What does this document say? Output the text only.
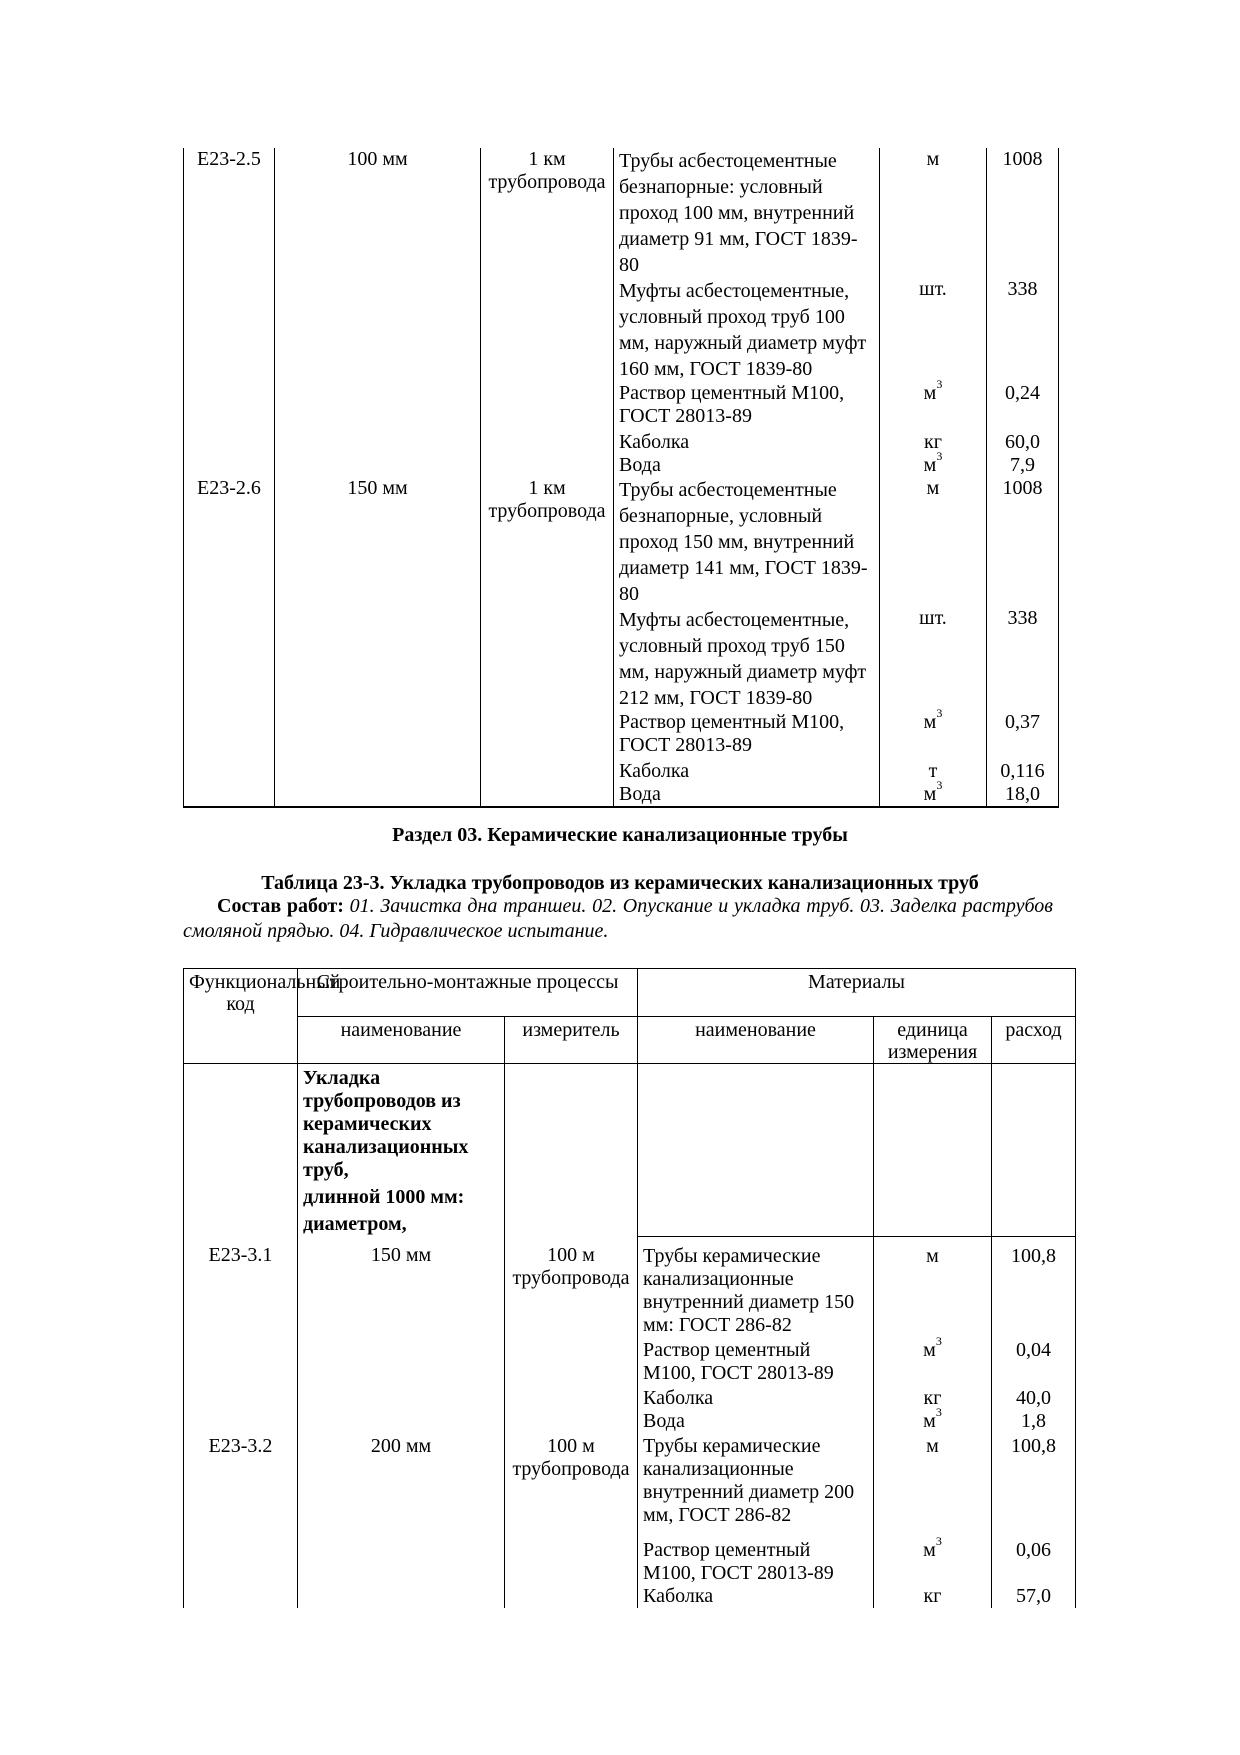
Е23-2.5	100 мм	1 км трубопровода	Трубы асбестоцементные безнапорные: условный проход 100 мм, внутренний диаметр 91 мм, ГОСТ 1839-80	м	1008
			Муфты асбестоцементные, условный проход труб 100 мм, наружный диаметр муфт 160 мм, ГОСТ 1839-80	шт.	338
			Раствор цементный М100, ГОСТ 28013-89	$м^3$	0,24
			Каболка	кг	60,0
			Вода	$м^3$	7,9
Е23-2.6	150 мм	1 км трубопровода	Трубы асбестоцементные безнапорные, условный проход 150 мм, внутренний диаметр 141 мм, ГОСТ 1839-80	м	1008
			Муфты асбестоцементные, условный проход труб 150 мм, наружный диаметр муфт 212 мм, ГОСТ 1839-80	шт.	338
			Раствор цементный М100, ГОСТ 28013-89	$м^3$	0,37
			Каболка	т	0,116
			Вода	$м^3$	18,0
Раздел 03. Керамические канализационные трубы
Таблица 23-3. Укладка трубопроводов из керамических канализационных труб
Состав работ: 01. Зачистка дна траншеи. 02. Опускание и укладка труб. 03. Заделка раструбов смоляной прядью. 04. Гидравлическое испытание.
Функциональный код	Строительно-монтажные процессы		Материалы		
	наименование	измеритель	наименование	единица измерения	расход

	Укладка трубопроводов из керамических канализационных труб,
длинной 1000 мм:
диаметром,				

Е23-3.1	150 мм	100 м трубопровода	Трубы керамические канализационные внутренний диаметр 150 мм: ГОСТ 286-82	м	100,8
			Раствор цементный М100, ГОСТ 28013-89	$м^3$	0,04
			Каболка	кг	40,0
			Вода	$м^3$	1,8
Е23-3.2	200 мм	100 м трубопровода	Трубы керамические канализационные внутренний диаметр 200 мм, ГОСТ 286-82	м	100,8
			Раствор цементный М100, ГОСТ 28013-89	$м^3$	0,06
			Каболка	кг	57,0
